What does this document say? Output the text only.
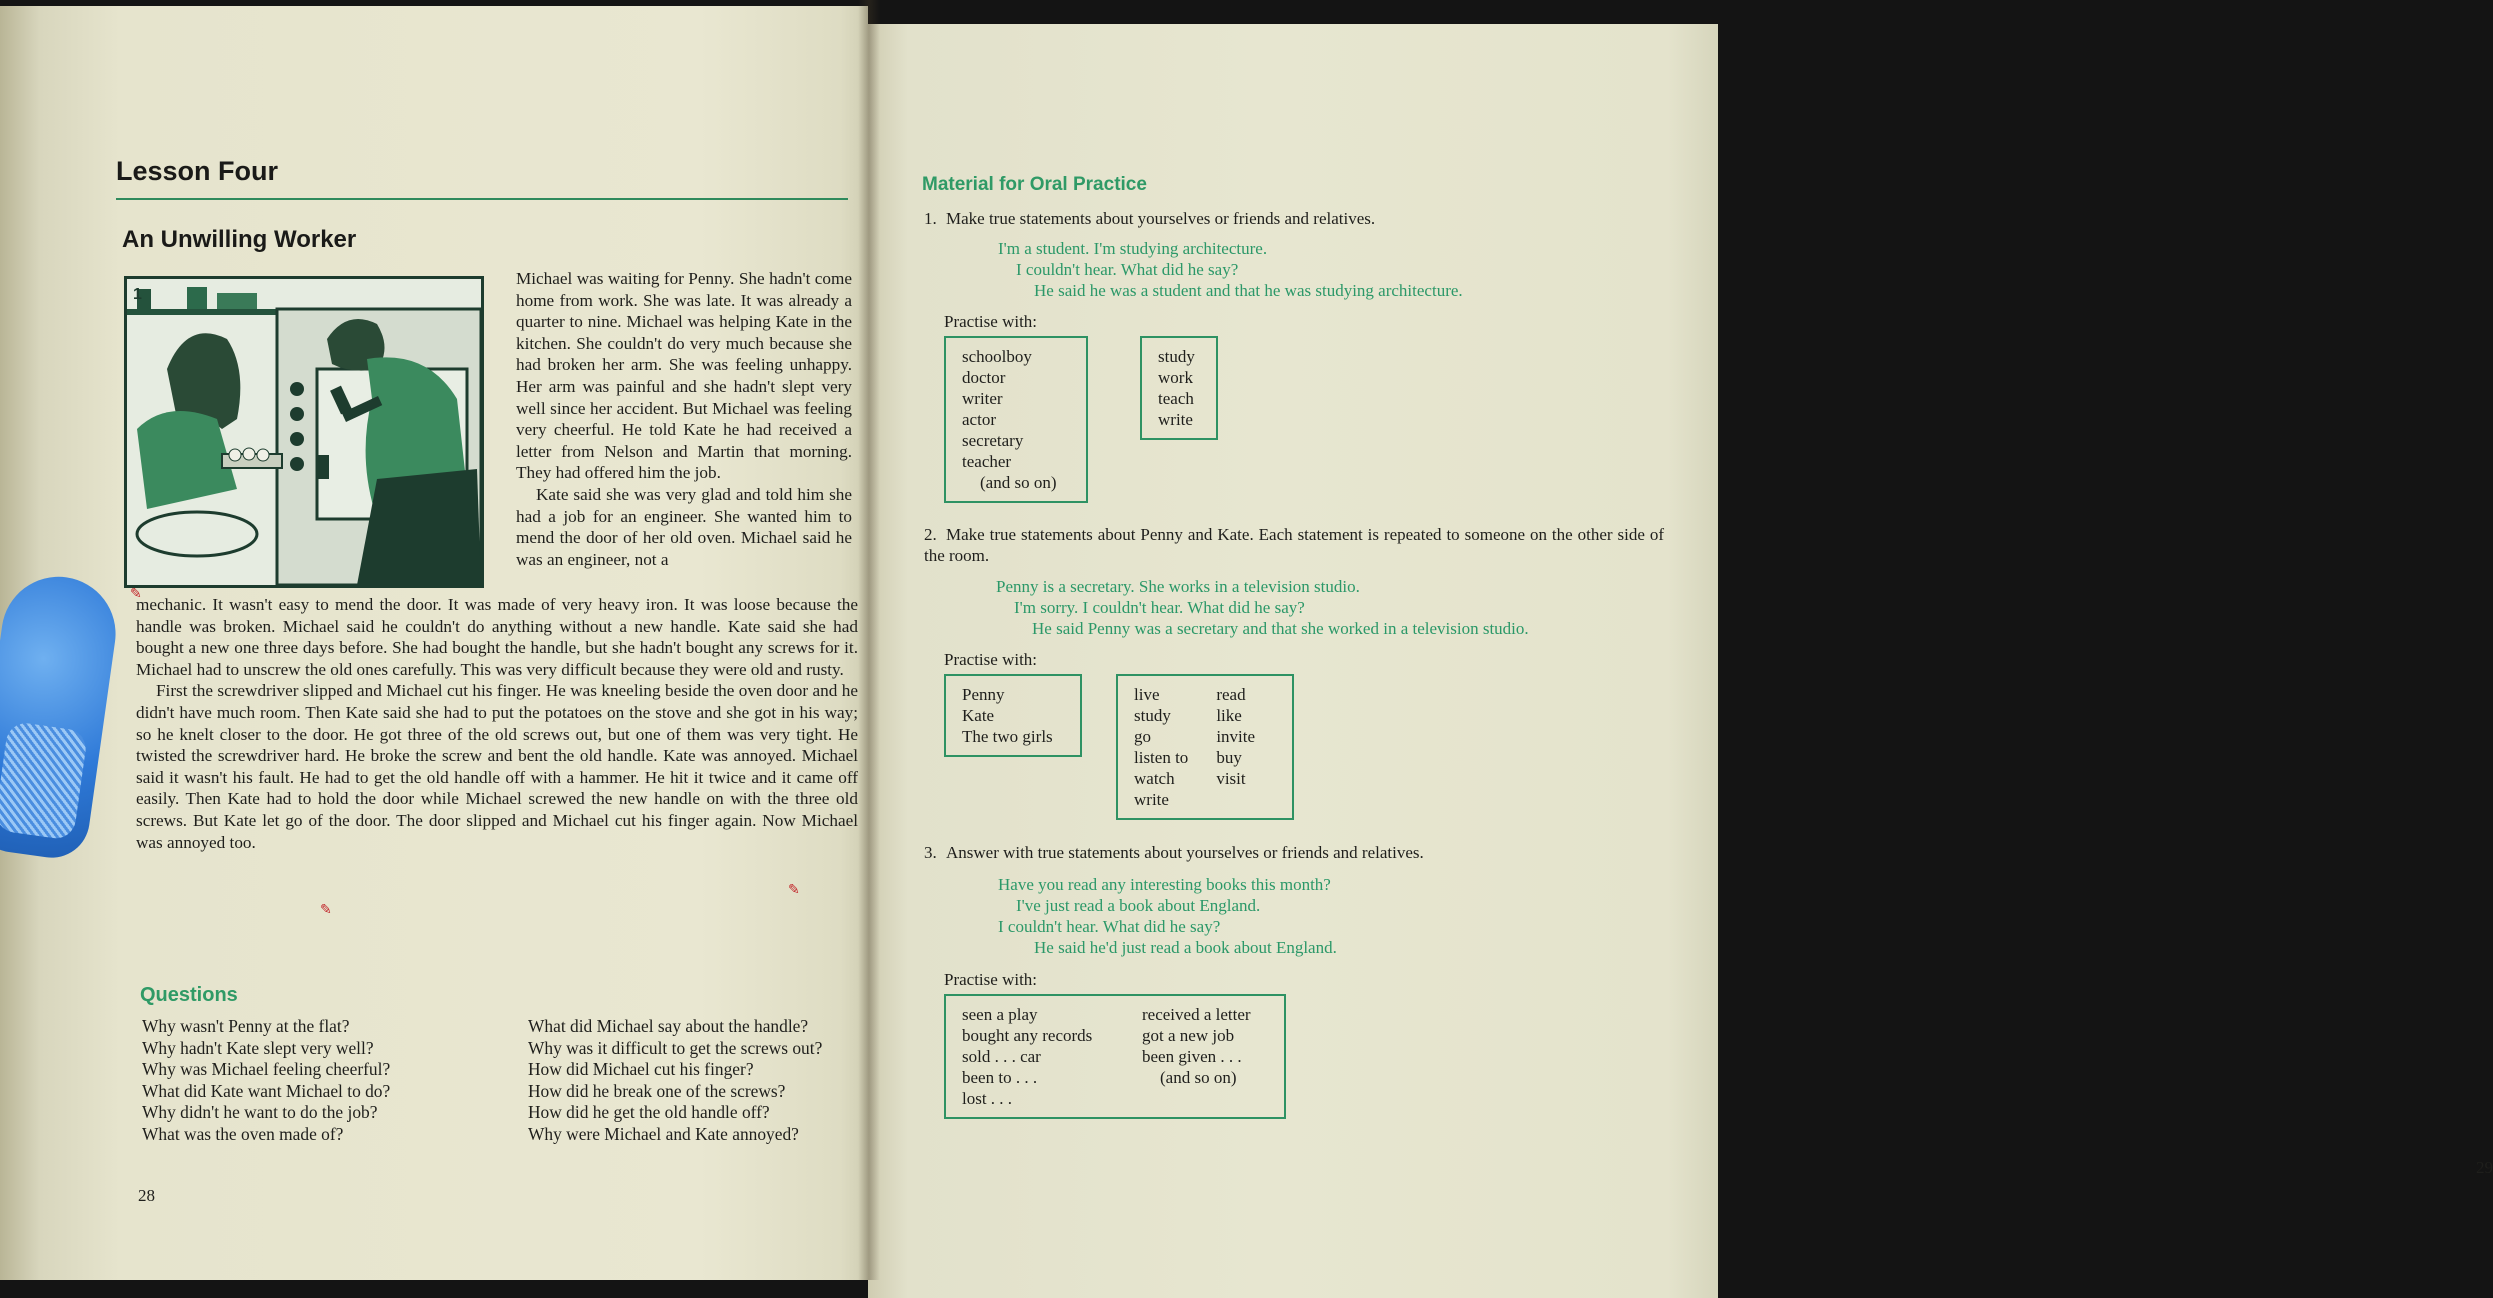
Lesson Four
An Unwilling Worker
1

Michael was waiting for Penny. She hadn't come home from work. She was late. It was already a quarter to nine. Michael was helping Kate in the kitchen. She couldn't do very much because she had broken her arm. She was feeling unhappy. Her arm was painful and she hadn't slept very well since her accident. But Michael was feeling very cheerful. He told Kate he had received a letter from Nelson and Martin that morning. They had offered him the job.

Kate said she was very glad and told him she had a job for an engineer. She wanted him to mend the door of her old oven. Michael said he was an engineer, not a

mechanic. It wasn't easy to mend the door. It was made of very heavy iron. It was loose because the handle was broken. Michael said he couldn't do anything without a new handle. Kate said she had bought a new one three days before. She had bought the handle, but she hadn't bought any screws for it. Michael had to unscrew the old ones carefully. This was very difficult because they were old and rusty.

First the screwdriver slipped and Michael cut his finger. He was kneeling beside the oven door and he didn't have much room. Then Kate said she had to put the potatoes on the stove and she got in his way; so he knelt closer to the door. He got three of the old screws out, but one of them was very tight. He twisted the screwdriver hard. He broke the screw and bent the old handle. Kate was annoyed. Michael said it wasn't his fault. He had to get the old handle off with a hammer. He hit it twice and it came off easily. Then Kate had to hold the door while Michael screwed the new handle on with the three old screws. But Kate let go of the door. The door slipped and Michael cut his finger again. Now Michael was annoyed too.

✎
✎
✎
Questions
Why wasn't Penny at the flat?
Why hadn't Kate slept very well?
Why was Michael feeling cheerful?
What did Kate want Michael to do?
Why didn't he want to do the job?
What was the oven made of?
What did Michael say about the handle?
Why was it difficult to get the screws out?
How did Michael cut his finger?
How did he break one of the screws?
How did he get the old handle off?
Why were Michael and Kate annoyed?
28
Material for Oral Practice

1. Make true statements about yourselves or friends and relatives.

I'm a student. I'm studying architecture.

I couldn't hear. What did he say?

He said he was a student and that he was studying architecture.

Practise with:
schoolboy
doctor
writer
actor
secretary
teacher
(and so on)
study
work
teach
write

2. Make true statements about Penny and Kate. Each statement is repeated to someone on the other side of the room.

Penny is a secretary. She works in a television studio.

I'm sorry. I couldn't hear. What did he say?

He said Penny was a secretary and that she worked in a television studio.

Practise with:
Penny
Kate
The two girls
live
study
go
listen to
watch
write
read
like
invite
buy
visit

3. Answer with true statements about yourselves or friends and relatives.

Have you read any interesting books this month?

I've just read a book about England.

I couldn't hear. What did he say?

He said he'd just read a book about England.

Practise with:
seen a play
bought any records
sold . . . car
been to . . .
lost . . .
received a letter
got a new job
been given . . .
(and so on)
29
